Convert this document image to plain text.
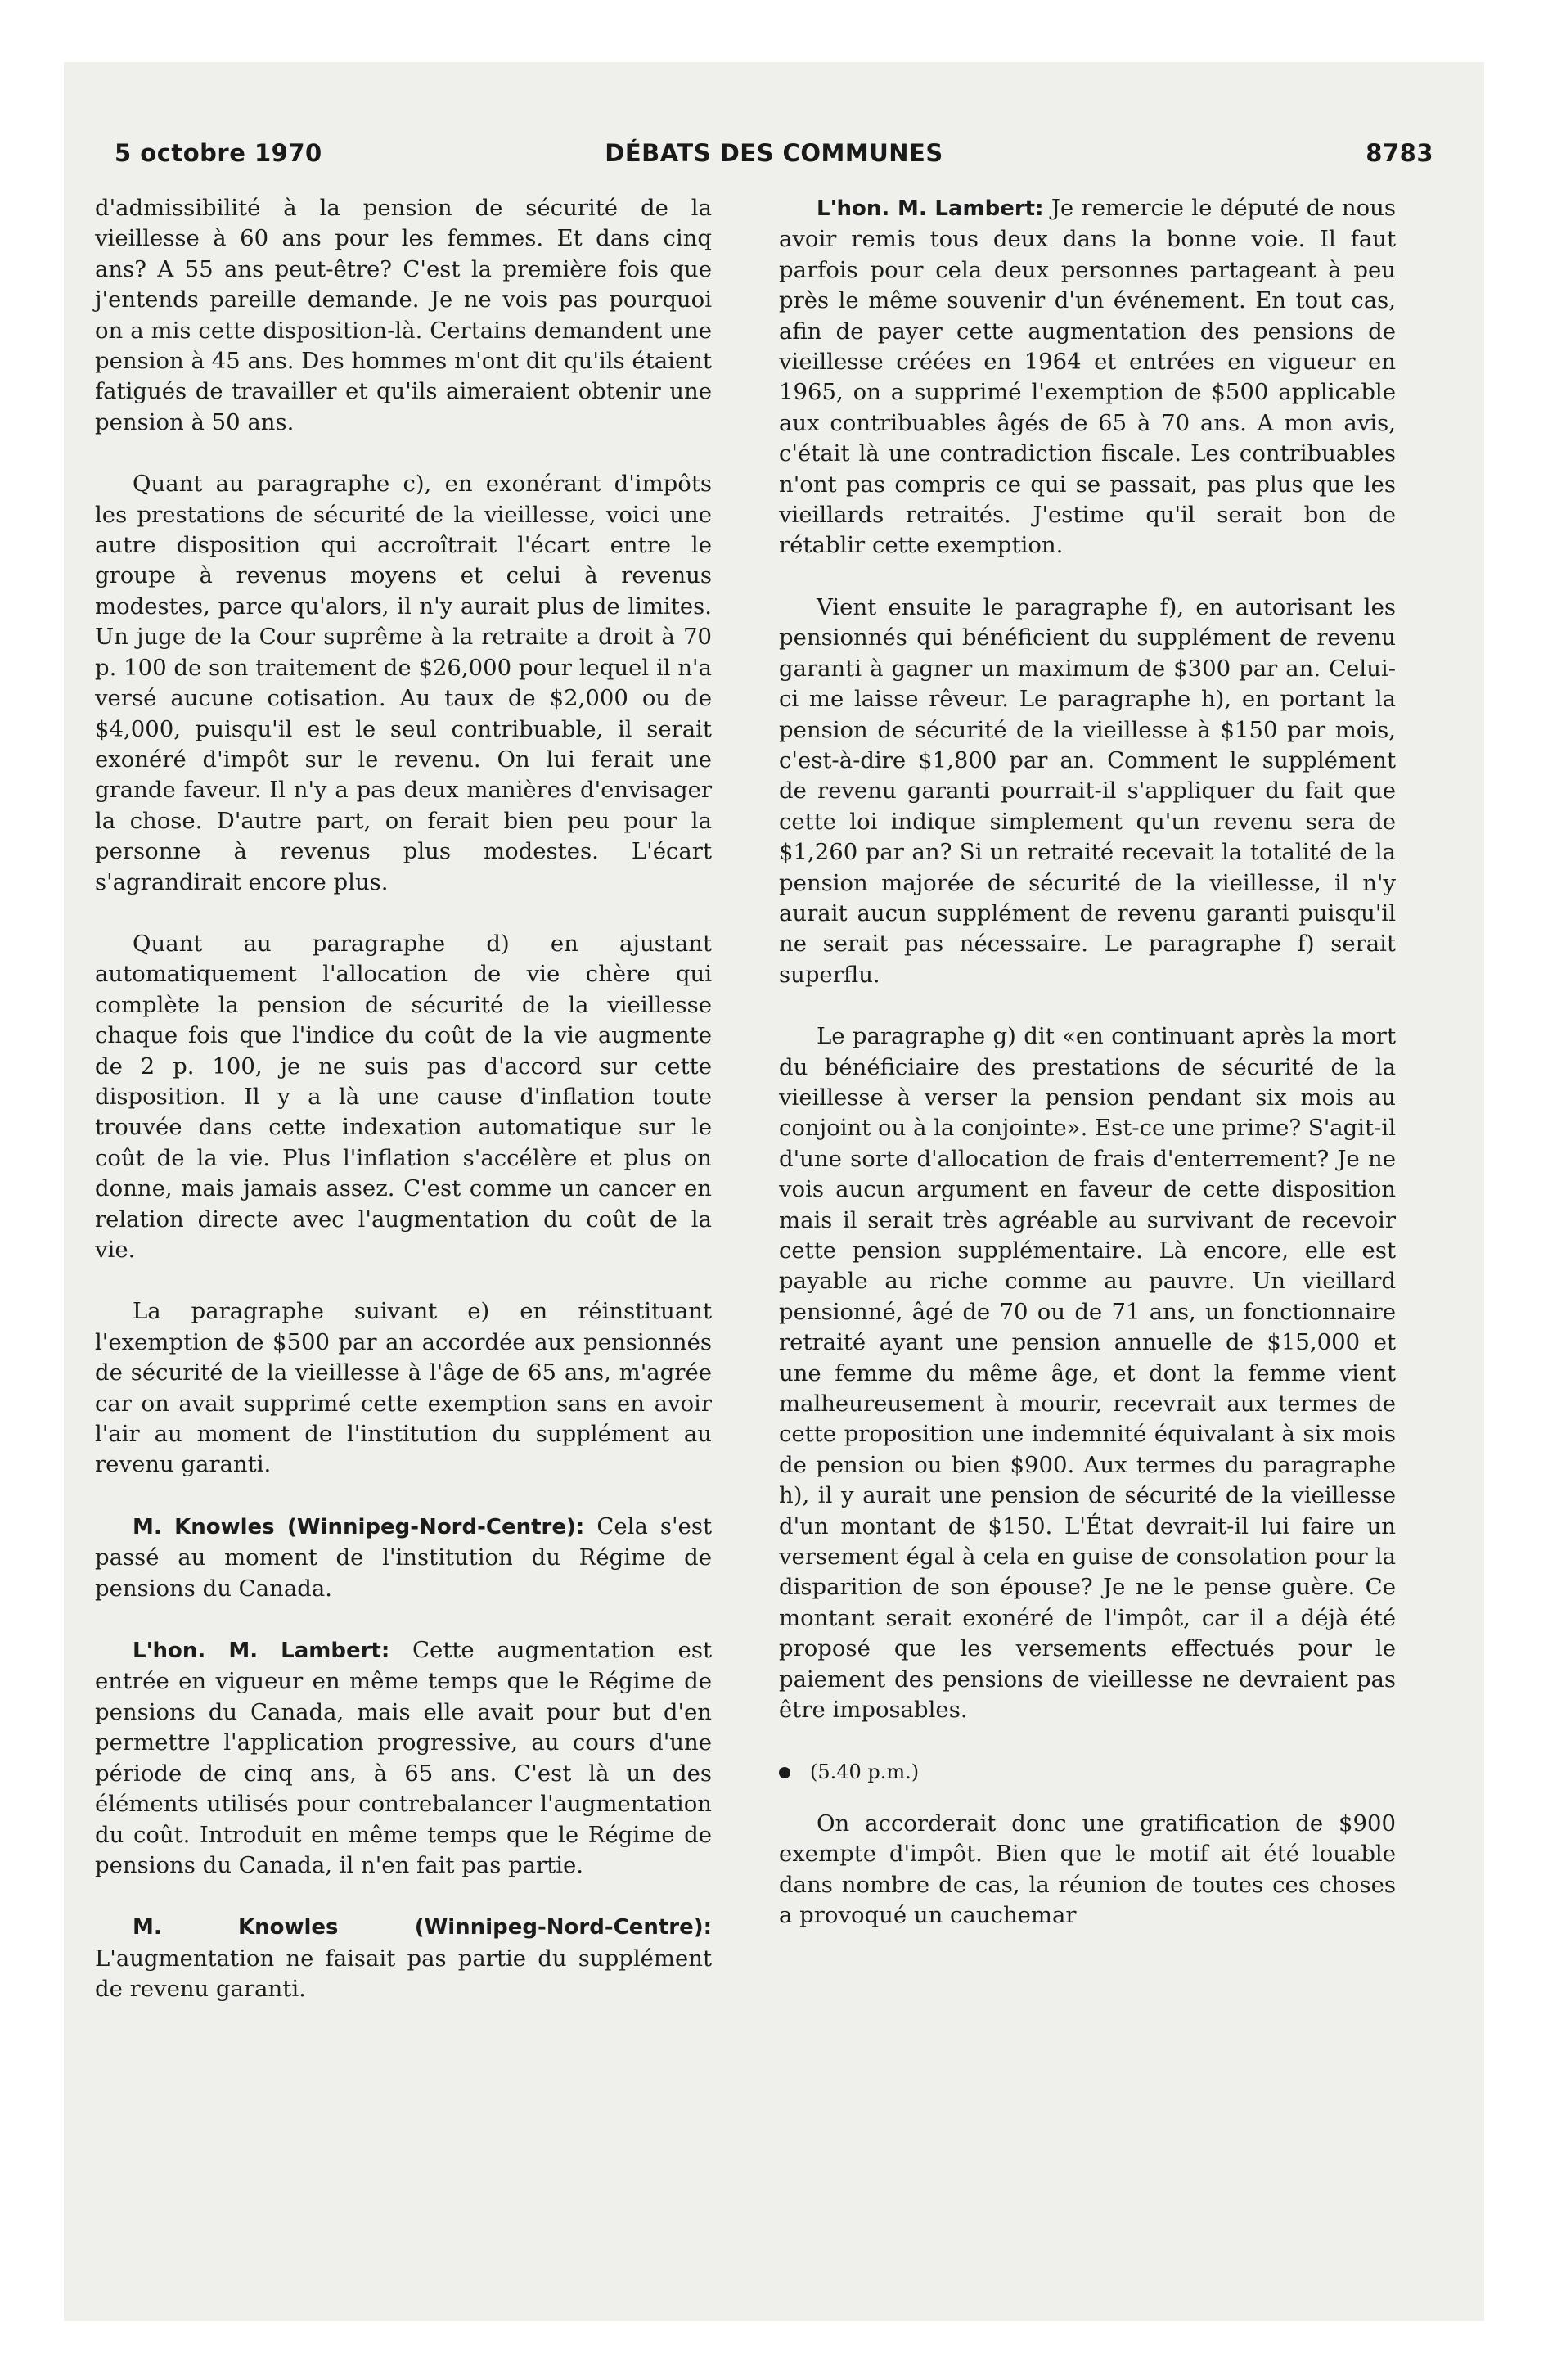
5 octobre 1970	DÉBATS DES COMMUNES	8783

d'admissibilité à la pension de sécurité de la vieillesse à 60 ans pour les femmes. Et dans cinq ans? A 55 ans peut-être? C'est la première fois que j'entends pareille demande. Je ne vois pas pourquoi on a mis cette disposition-là. Certains demandent une pension à 45 ans. Des hommes m'ont dit qu'ils étaient fatigués de travailler et qu'ils aimeraient obtenir une pension à 50 ans.

Quant au paragraphe c), en exonérant d'impôts les prestations de sécurité de la vieillesse, voici une autre disposition qui accroîtrait l'écart entre le groupe à revenus moyens et celui à revenus modestes, parce qu'alors, il n'y aurait plus de limites. Un juge de la Cour suprême à la retraite a droit à 70 p. 100 de son traitement de $26,000 pour lequel il n'a versé aucune cotisation. Au taux de $2,000 ou de $4,000, puisqu'il est le seul contribuable, il serait exonéré d'impôt sur le revenu. On lui ferait une grande faveur. Il n'y a pas deux manières d'envisager la chose. D'autre part, on ferait bien peu pour la personne à revenus plus modestes. L'écart s'agrandirait encore plus.

Quant au paragraphe d) en ajustant automatiquement l'allocation de vie chère qui complète la pension de sécurité de la vieillesse chaque fois que l'indice du coût de la vie augmente de 2 p. 100, je ne suis pas d'accord sur cette disposition. Il y a là une cause d'inflation toute trouvée dans cette indexation automatique sur le coût de la vie. Plus l'inflation s'accélère et plus on donne, mais jamais assez. C'est comme un cancer en relation directe avec l'augmentation du coût de la vie.

La paragraphe suivant e) en réinstituant l'exemption de $500 par an accordée aux pensionnés de sécurité de la vieillesse à l'âge de 65 ans, m'agrée car on avait supprimé cette exemption sans en avoir l'air au moment de l'institution du supplément au revenu garanti.

M. Knowles (Winnipeg-Nord-Centre): Cela s'est passé au moment de l'institution du Régime de pensions du Canada.

L'hon. M. Lambert: Cette augmentation est entrée en vigueur en même temps que le Régime de pensions du Canada, mais elle avait pour but d'en permettre l'application progressive, au cours d'une période de cinq ans, à 65 ans. C'est là un des éléments utilisés pour contrebalancer l'augmentation du coût. Introduit en même temps que le Régime de pensions du Canada, il n'en fait pas partie.

M. Knowles (Winnipeg-Nord-Centre): L'augmentation ne faisait pas partie du supplément de revenu garanti.

L'hon. M. Lambert: Je remercie le député de nous avoir remis tous deux dans la bonne voie. Il faut parfois pour cela deux personnes partageant à peu près le même souvenir d'un événement. En tout cas, afin de payer cette augmentation des pensions de vieillesse créées en 1964 et entrées en vigueur en 1965, on a supprimé l'exemption de $500 applicable aux contribuables âgés de 65 à 70 ans. A mon avis, c'était là une contradiction fiscale. Les contribuables n'ont pas compris ce qui se passait, pas plus que les vieillards retraités. J'estime qu'il serait bon de rétablir cette exemption.

Vient ensuite le paragraphe f), en autorisant les pensionnés qui bénéficient du supplément de revenu garanti à gagner un maximum de $300 par an. Celui-ci me laisse rêveur. Le paragraphe h), en portant la pension de sécurité de la vieillesse à $150 par mois, c'est-à-dire $1,800 par an. Comment le supplément de revenu garanti pourrait-il s'appliquer du fait que cette loi indique simplement qu'un revenu sera de $1,260 par an? Si un retraité recevait la totalité de la pension majorée de sécurité de la vieillesse, il n'y aurait aucun supplément de revenu garanti puisqu'il ne serait pas nécessaire. Le paragraphe f) serait superflu.

Le paragraphe g) dit «en continuant après la mort du bénéficiaire des prestations de sécurité de la vieillesse à verser la pension pendant six mois au conjoint ou à la conjointe». Est-ce une prime? S'agit-il d'une sorte d'allocation de frais d'enterrement? Je ne vois aucun argument en faveur de cette disposition mais il serait très agréable au survivant de recevoir cette pension supplémentaire. Là encore, elle est payable au riche comme au pauvre. Un vieillard pensionné, âgé de 70 ou de 71 ans, un fonctionnaire retraité ayant une pension annuelle de $15,000 et une femme du même âge, et dont la femme vient malheureusement à mourir, recevrait aux termes de cette proposition une indemnité équivalant à six mois de pension ou bien $900. Aux termes du paragraphe h), il y aurait une pension de sécurité de la vieillesse d'un montant de $150. L'État devrait-il lui faire un versement égal à cela en guise de consolation pour la disparition de son épouse? Je ne le pense guère. Ce montant serait exonéré de l'impôt, car il a déjà été proposé que les versements effectués pour le paiement des pensions de vieillesse ne devraient pas être imposables.

(5.40 p.m.)

On accorderait donc une gratification de $900 exempte d'impôt. Bien que le motif ait été louable dans nombre de cas, la réunion de toutes ces choses a provoqué un cauchemar
